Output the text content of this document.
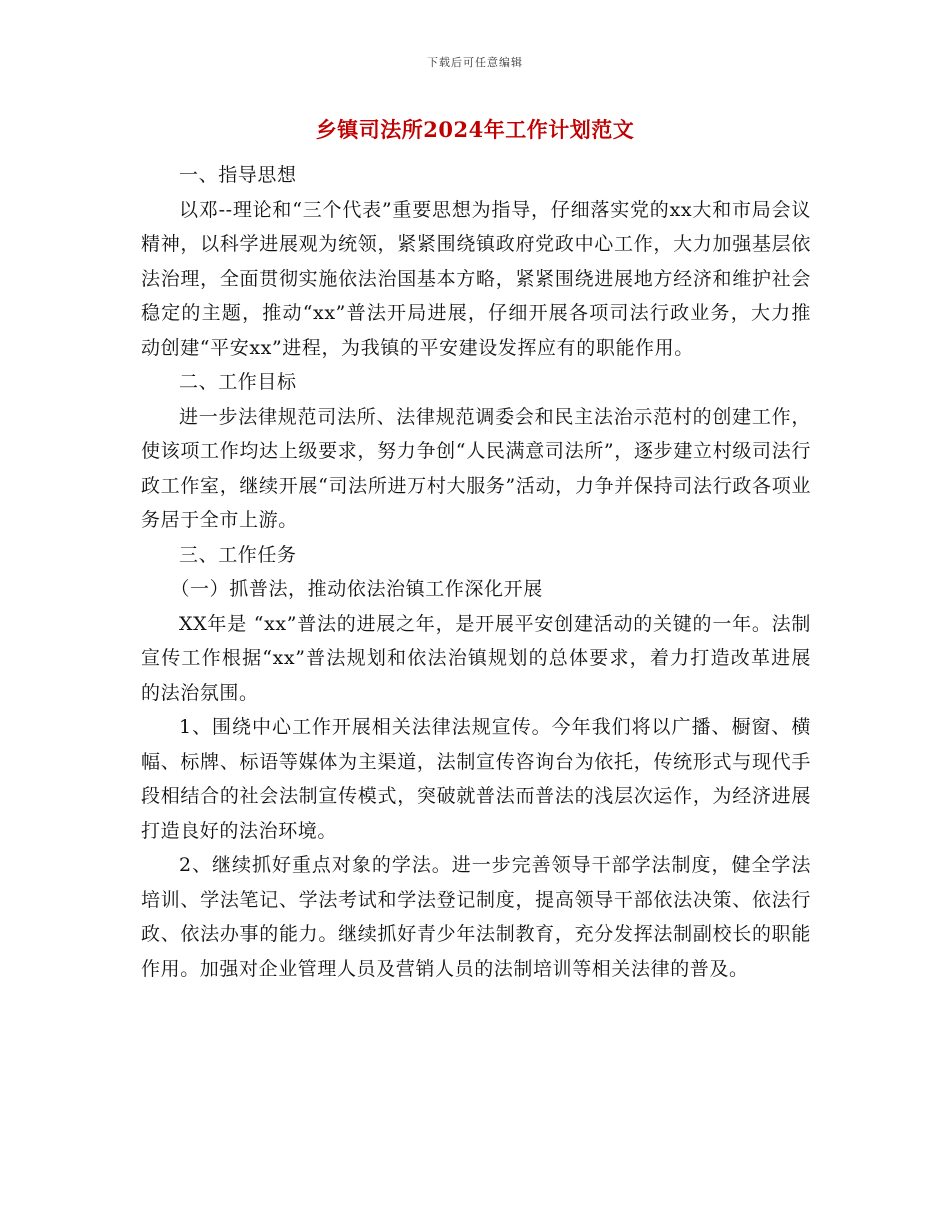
下载后可任意编辑
乡镇司法所2024年工作计划范文

一、指导思想

以邓--理论和“三个代表”重要思想为指导，仔细落实党的xx大和市局会议精神，以科学进展观为统领，紧紧围绕镇政府党政中心工作，大力加强基层依法治理，全面贯彻实施依法治国基本方略，紧紧围绕进展地方经济和维护社会稳定的主题，推动“xx”普法开局进展，仔细开展各项司法行政业务，大力推动创建“平安xx”进程，为我镇的平安建设发挥应有的职能作用。

二、工作目标

进一步法律规范司法所、法律规范调委会和民主法治示范村的创建工作，使该项工作均达上级要求，努力争创“人民满意司法所”，逐步建立村级司法行政工作室，继续开展“司法所进万村大服务”活动，力争并保持司法行政各项业务居于全市上游。

三、工作任务

（一）抓普法，推动依法治镇工作深化开展

XX年是 “xx”普法的进展之年，是开展平安创建活动的关键的一年。法制宣传工作根据“xx”普法规划和依法治镇规划的总体要求，着力打造改革进展的法治氛围。

1、围绕中心工作开展相关法律法规宣传。今年我们将以广播、橱窗、横幅、标牌、标语等媒体为主渠道，法制宣传咨询台为依托，传统形式与现代手段相结合的社会法制宣传模式，突破就普法而普法的浅层次运作，为经济进展打造良好的法治环境。

2、继续抓好重点对象的学法。进一步完善领导干部学法制度，健全学法培训、学法笔记、学法考试和学法登记制度，提高领导干部依法决策、依法行政、依法办事的能力。继续抓好青少年法制教育，充分发挥法制副校长的职能作用。加强对企业管理人员及营销人员的法制培训等相关法律的普及。
